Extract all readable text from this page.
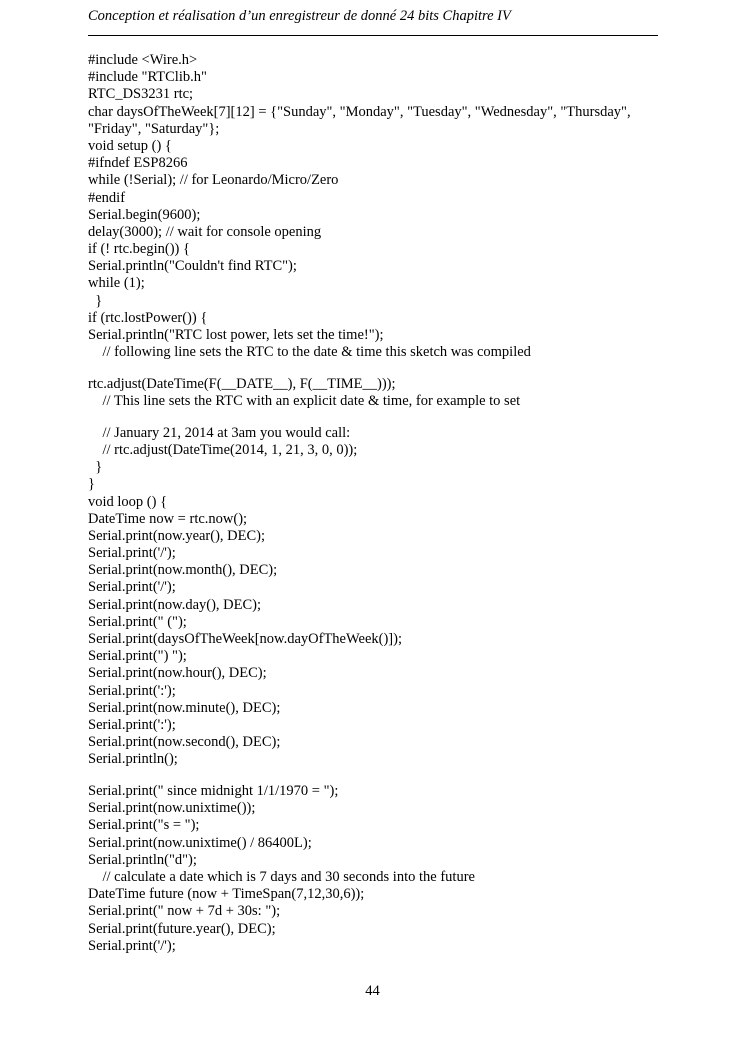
Conception et réalisation d’un enregistreur de donné 24 bits Chapitre IV
#include <Wire.h>
#include "RTClib.h"
RTC_DS3231 rtc;
char daysOfTheWeek[7][12] = {"Sunday", "Monday", "Tuesday", "Wednesday", "Thursday",
"Friday", "Saturday"};
void setup () {
#ifndef ESP8266
while (!Serial); // for Leonardo/Micro/Zero
#endif
Serial.begin(9600);
delay(3000); // wait for console opening
if (! rtc.begin()) {
Serial.println("Couldn't find RTC");
while (1);
}
if (rtc.lostPower()) {
Serial.println("RTC lost power, lets set the time!");
// following line sets the RTC to the date & time this sketch was compiled
rtc.adjust(DateTime(F(__DATE__), F(__TIME__)));
// This line sets the RTC with an explicit date & time, for example to set
// January 21, 2014 at 3am you would call:
// rtc.adjust(DateTime(2014, 1, 21, 3, 0, 0));
}
}
void loop () {
DateTime now = rtc.now();
Serial.print(now.year(), DEC);
Serial.print('/');
Serial.print(now.month(), DEC);
Serial.print('/');
Serial.print(now.day(), DEC);
Serial.print(" (");
Serial.print(daysOfTheWeek[now.dayOfTheWeek()]);
Serial.print(") ");
Serial.print(now.hour(), DEC);
Serial.print(':');
Serial.print(now.minute(), DEC);
Serial.print(':');
Serial.print(now.second(), DEC);
Serial.println();
Serial.print(" since midnight 1/1/1970 = ");
Serial.print(now.unixtime());
Serial.print("s = ");
Serial.print(now.unixtime() / 86400L);
Serial.println("d");
// calculate a date which is 7 days and 30 seconds into the future
DateTime future (now + TimeSpan(7,12,30,6));
Serial.print(" now + 7d + 30s: ");
Serial.print(future.year(), DEC);
Serial.print('/');
44
